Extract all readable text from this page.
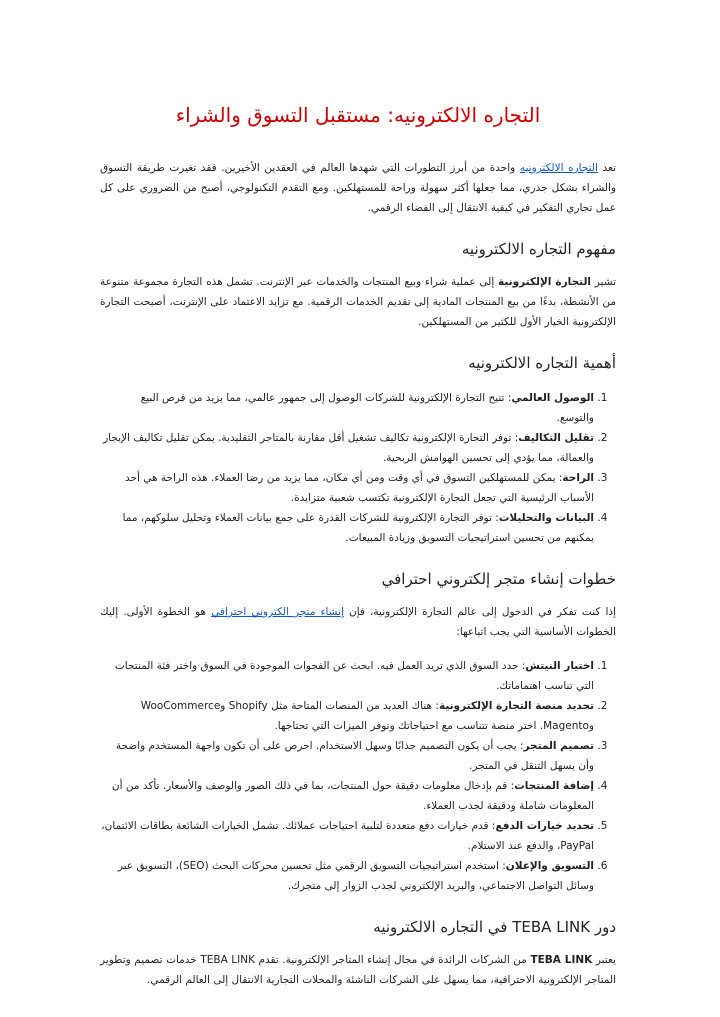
التجاره الالكترونيه: مستقبل التسوق والشراء

تعد التجاره الالكترونيه واحدة من أبرز التطورات التي شهدها العالم في العقدين الأخيرين. فقد تغيرت طريقة التسوق والشراء بشكل جذري، مما جعلها أكثر سهولة وراحة للمستهلكين. ومع التقدم التكنولوجي، أصبح من الضروري على كل عمل تجاري التفكير في كيفية الانتقال إلى الفضاء الرقمي.

مفهوم التجاره الالكترونيه

تشير التجارة الإلكترونية إلى عملية شراء وبيع المنتجات والخدمات عبر الإنترنت. تشمل هذه التجارة مجموعة متنوعة من الأنشطة، بدءًا من بيع المنتجات المادية إلى تقديم الخدمات الرقمية. مع تزايد الاعتماد على الإنترنت، أصبحت التجارة الإلكترونية الخيار الأول للكثير من المستهلكين.

أهمية التجاره الالكترونيه
1. الوصول العالمي: تتيح التجارة الإلكترونية للشركات الوصول إلى جمهور عالمي، مما يزيد من فرص البيع والتوسع.
2. تقليل التكاليف: توفر التجارة الإلكترونية تكاليف تشغيل أقل مقارنة بالمتاجر التقليدية. يمكن تقليل تكاليف الإيجار والعمالة، مما يؤدي إلى تحسين الهوامش الربحية.
3. الراحة: يمكن للمستهلكين التسوق في أي وقت ومن أي مكان، مما يزيد من رضا العملاء. هذه الراحة هي أحد الأسباب الرئيسية التي تجعل التجارة الإلكترونية تكتسب شعبية متزايدة.
4. البيانات والتحليلات: توفر التجارة الإلكترونية للشركات القدرة على جمع بيانات العملاء وتحليل سلوكهم، مما يمكنهم من تحسين استراتيجيات التسويق وزيادة المبيعات.
خطوات إنشاء متجر إلكتروني احترافي

إذا كنت تفكر في الدخول إلى عالم التجارة الإلكترونية، فإن إنشاء متجر الكتروني احترافي هو الخطوة الأولى. إليك الخطوات الأساسية التي يجب اتباعها:

1. اختيار النيتش: حدد السوق الذي تريد العمل فيه. ابحث عن الفجوات الموجودة في السوق واختر فئة المنتجات التي تناسب اهتماماتك.
2. تحديد منصة التجارة الإلكترونية: هناك العديد من المنصات المتاحة مثل Shopify وWooCommerce وMagento. اختر منصة تتناسب مع احتياجاتك وتوفر الميزات التي تحتاجها.
3. تصميم المتجر: يجب أن يكون التصميم جذابًا وسهل الاستخدام. احرص على أن تكون واجهة المستخدم واضحة وأن يسهل التنقل في المتجر.
4. إضافة المنتجات: قم بإدخال معلومات دقيقة حول المنتجات، بما في ذلك الصور والوصف والأسعار. تأكد من أن المعلومات شاملة ودقيقة لجذب العملاء.
5. تحديد خيارات الدفع: قدم خيارات دفع متعددة لتلبية احتياجات عملائك. تشمل الخيارات الشائعة بطاقات الائتمان، PayPal، والدفع عند الاستلام.
6. التسويق والإعلان: استخدم استراتيجيات التسويق الرقمي مثل تحسين محركات البحث (SEO)، التسويق عبر وسائل التواصل الاجتماعي، والبريد الإلكتروني لجذب الزوار إلى متجرك.
دور TEBA LINK في التجاره الالكترونيه

يعتبر TEBA LINK من الشركات الرائدة في مجال إنشاء المتاجر الإلكترونية. تقدم TEBA LINK خدمات تصميم وتطوير المتاجر الإلكترونية الاحترافية، مما يسهل على الشركات الناشئة والمحلات التجارية الانتقال إلى العالم الرقمي.
